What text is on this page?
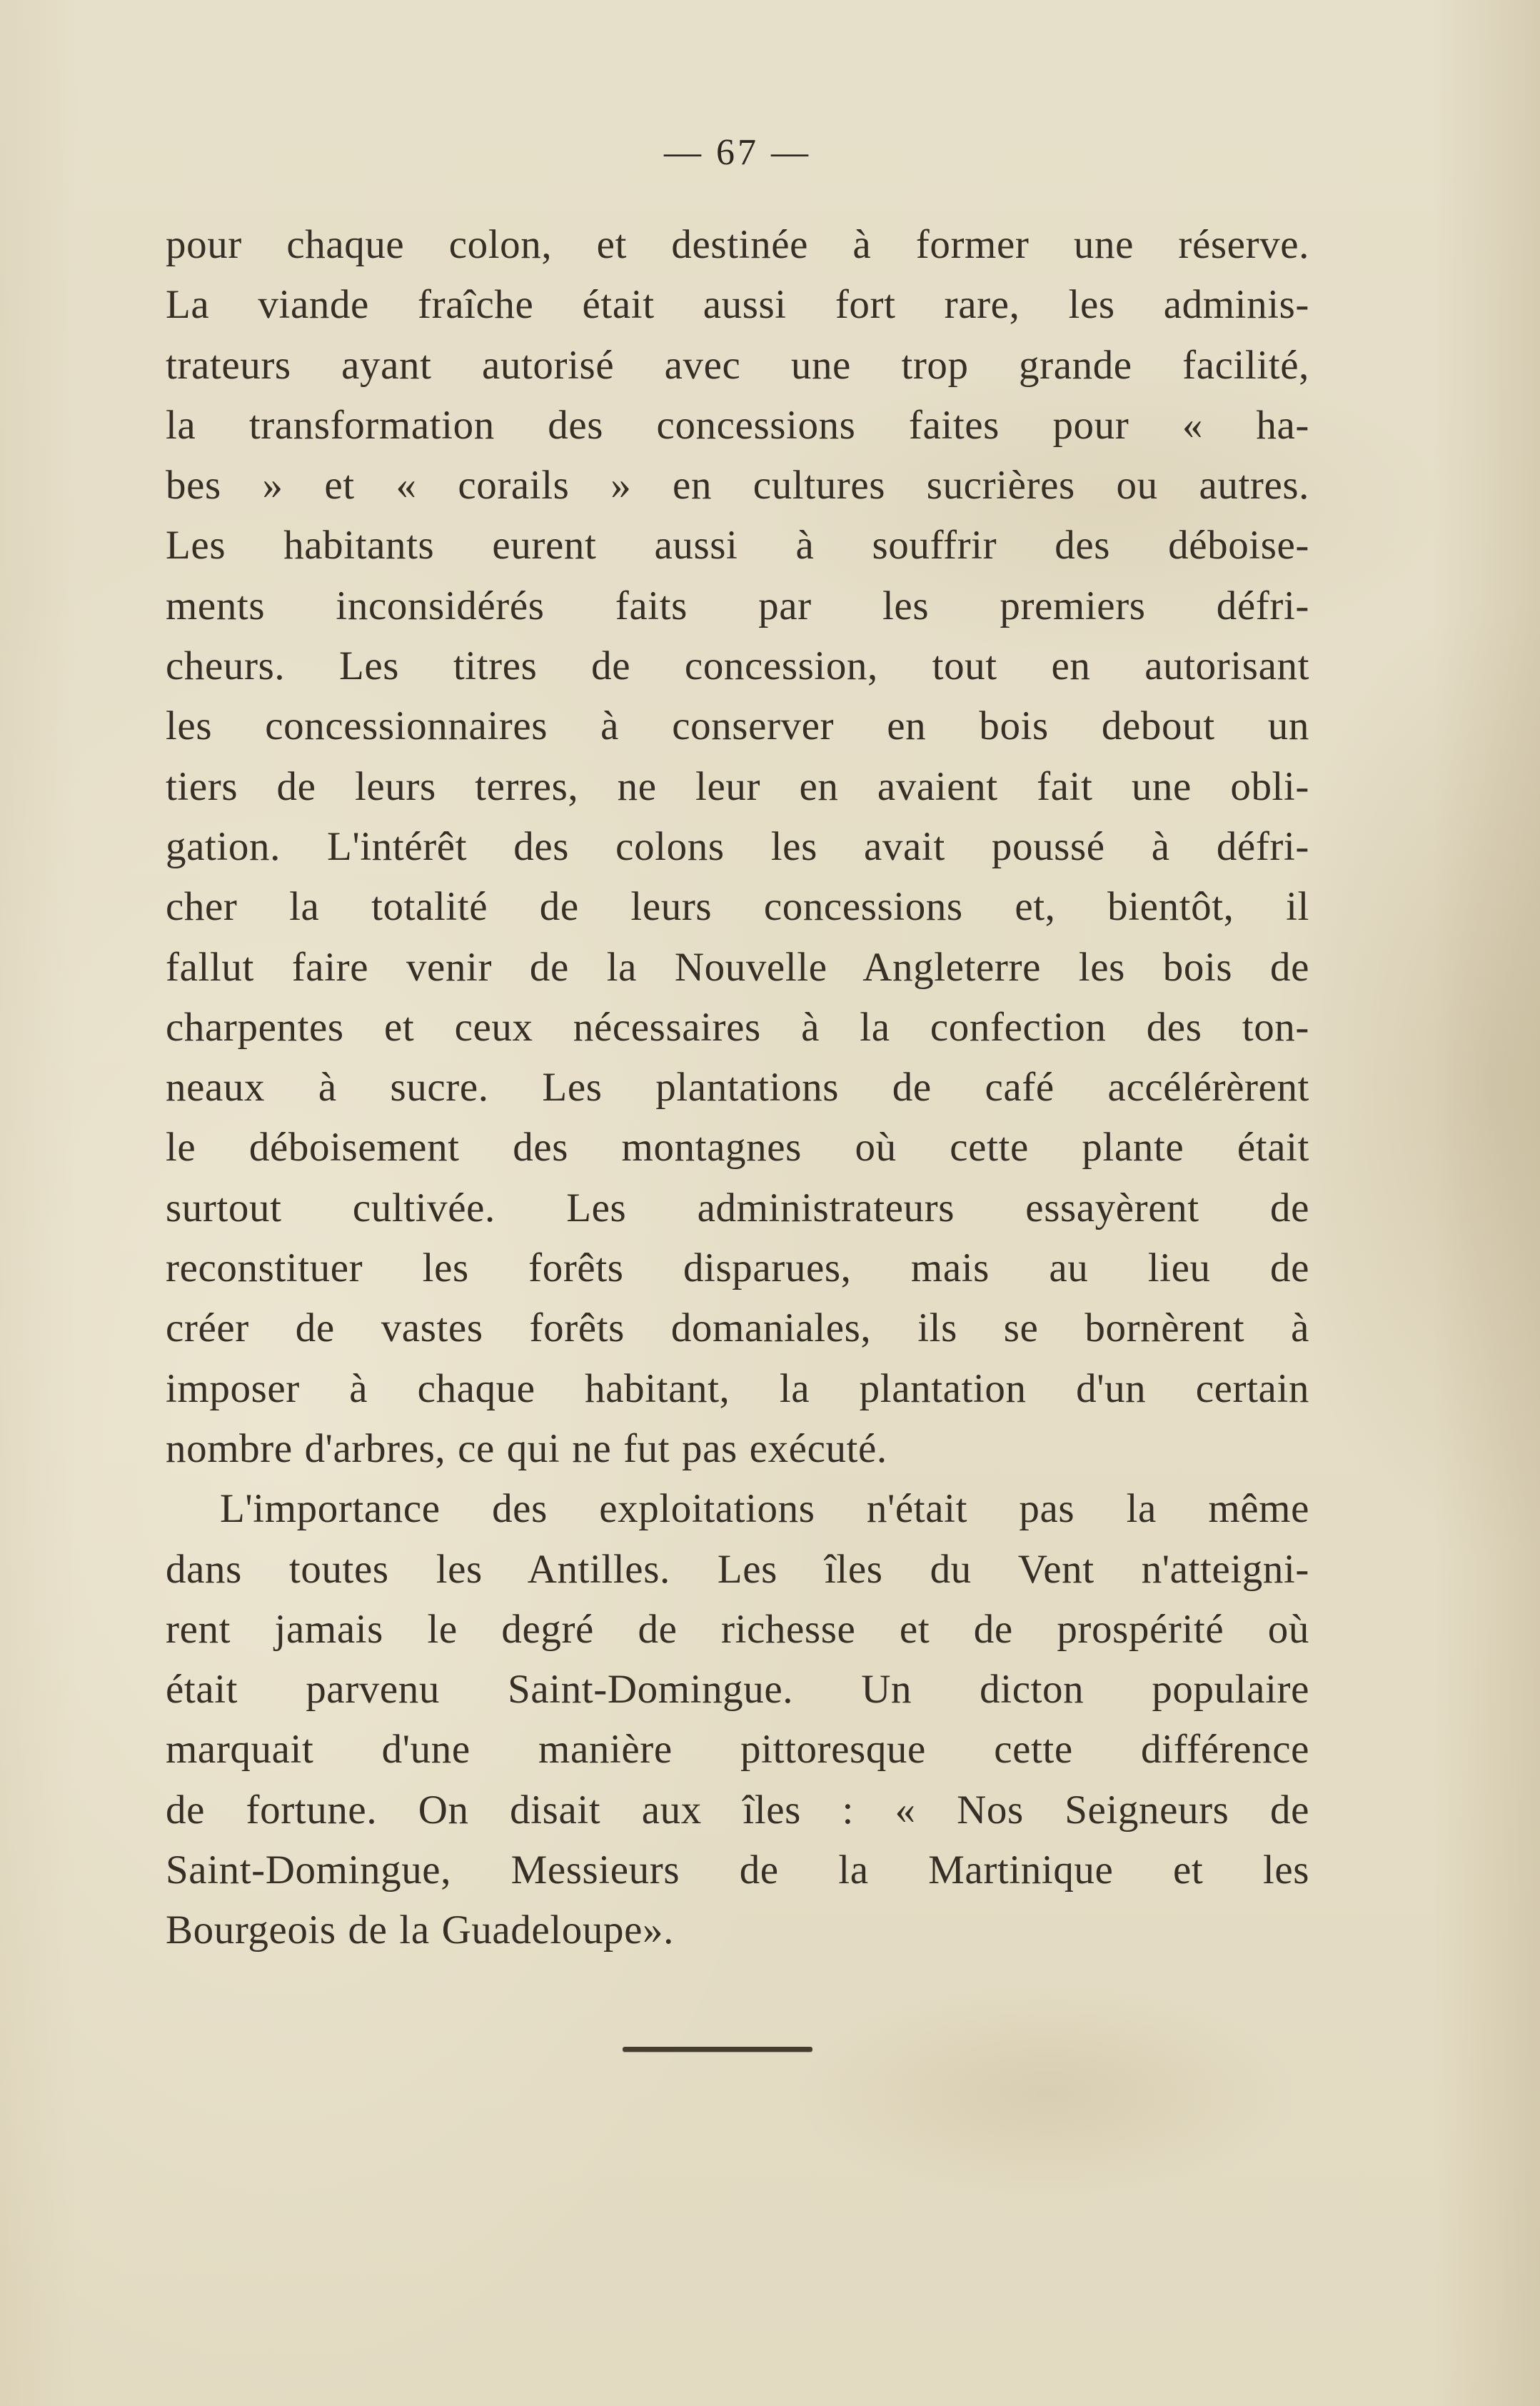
— 67 —
pour chaque colon, et destinée à former une réserve.
La viande fraîche était aussi fort rare, les adminis-
trateurs ayant autorisé avec une trop grande facilité,
la transformation des concessions faites pour « ha-
bes » et « corails » en cultures sucrières ou autres.
Les habitants eurent aussi à souffrir des déboise-
ments inconsidérés faits par les premiers défri-
cheurs. Les titres de concession, tout en autorisant
les concessionnaires à conserver en bois debout un
tiers de leurs terres, ne leur en avaient fait une obli-
gation. L'intérêt des colons les avait poussé à défri-
cher la totalité de leurs concessions et, bientôt, il
fallut faire venir de la Nouvelle Angleterre les bois de
charpentes et ceux nécessaires à la confection des ton-
neaux à sucre. Les plantations de café accélérèrent
le déboisement des montagnes où cette plante était
surtout cultivée. Les administrateurs essayèrent de
reconstituer les forêts disparues, mais au lieu de
créer de vastes forêts domaniales, ils se bornèrent à
imposer à chaque habitant, la plantation d'un certain
nombre d'arbres, ce qui ne fut pas exécuté.
L'importance des exploitations n'était pas la même
dans toutes les Antilles. Les îles du Vent n'atteigni-
rent jamais le degré de richesse et de prospérité où
était parvenu Saint-Domingue. Un dicton populaire
marquait d'une manière pittoresque cette différence
de fortune. On disait aux îles : « Nos Seigneurs de
Saint-Domingue, Messieurs de la Martinique et les
Bourgeois de la Guadeloupe».
